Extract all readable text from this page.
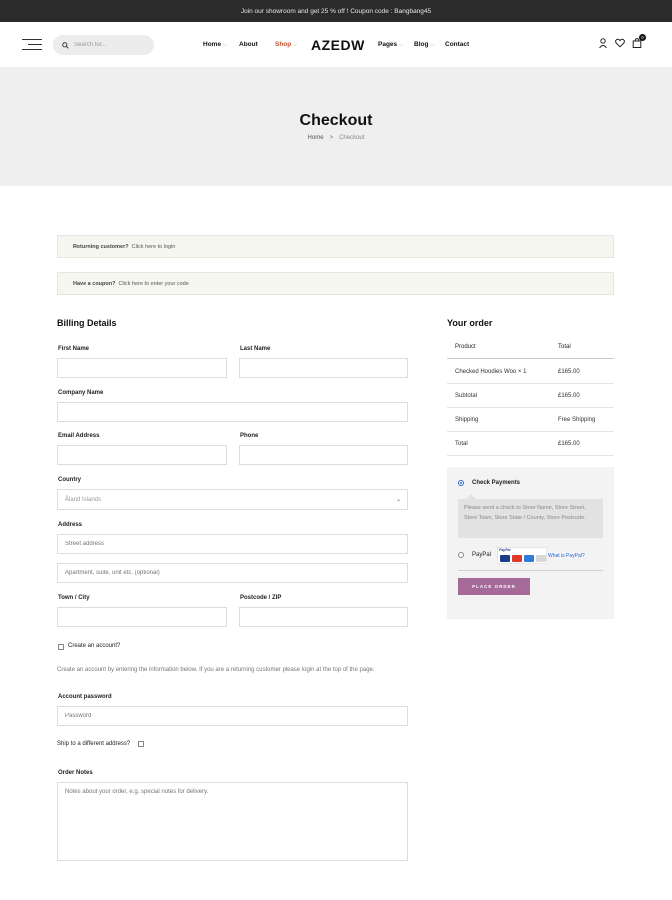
Join our showroom and get 25 % off ! Coupon code : Bangbang45
Search for...
Home ⌵ About	Shop ⌵ AZEDW Pages ⌵ Blog ⌵ Contact
0
Checkout
Home > Checkout
Returning customer? Click here to login
Have a coupon? Click here to enter your code
Billing Details
First Name	Last Name
Company Name
Email Address	Phone
Country
Åland Islands	⌄
Address
Street address
Apartment, suite, unit etc. (optional)
Town / City	Postcode / ZIP
Create an account?
Create an account by entering the information below. If you are a returning customer please login at the top of the page.
Account password
Password
Ship to a different address?
Order Notes
Notes about your order, e.g. special notes for delivery.
Your order
Product	Total
Checked Hoodies Woo × 1	£165.00
Subtotal	£165.00
Shipping	Free Shipping
Total	£165.00
Check Payments
Please send a check to Store Name, Store Street, Store Town, Store State / County, Store Postcode.
PayPal
PayPal
What is PayPal?
PLACE ORDER
